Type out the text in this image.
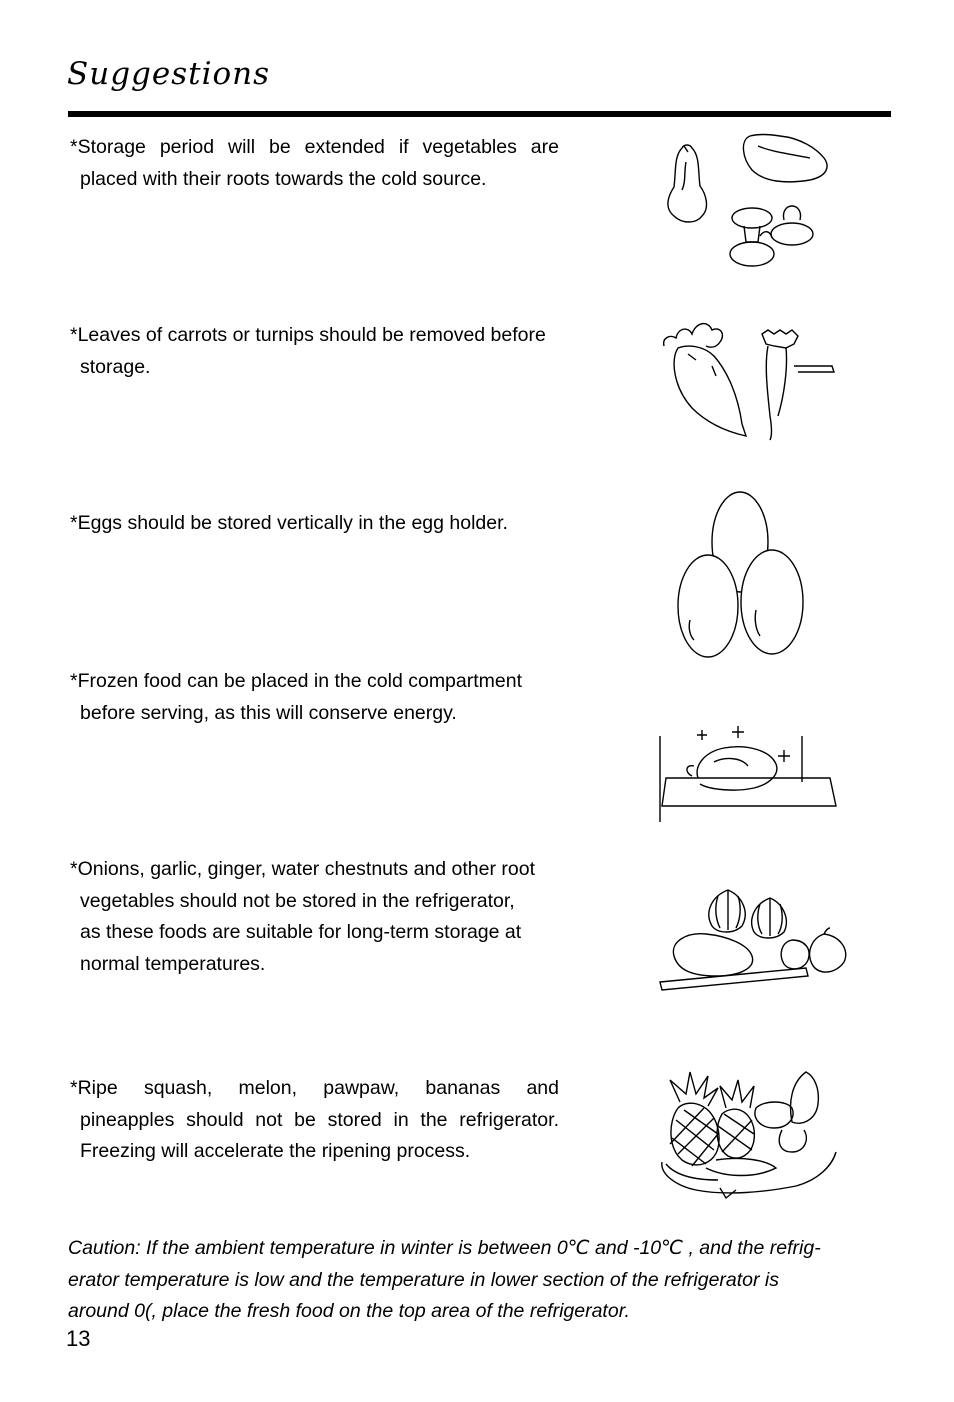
Suggestions

*Storage period will be extended if vegetables are
placed with their roots towards the cold source.

*Leaves of carrots or turnips should be removed before
storage.

*Eggs should be stored vertically in the egg holder.

*Frozen food can be placed in the cold compartment
before serving, as this will conserve energy.

*Onions, garlic, ginger, water chestnuts and other root
vegetables should not be stored in the refrigerator,
as these foods are suitable for long-term storage at
normal temperatures.

*Ripe squash, melon, pawpaw, bananas and
pineapples should not be stored in the refrigerator.
Freezing will accelerate the ripening process.

Caution: If the ambient temperature in winter is between 0℃ and -10℃ , and the refrig-
erator temperature is low and the temperature in lower section of the refrigerator is
around 0(, place the fresh food on the top area of the refrigerator.

13
